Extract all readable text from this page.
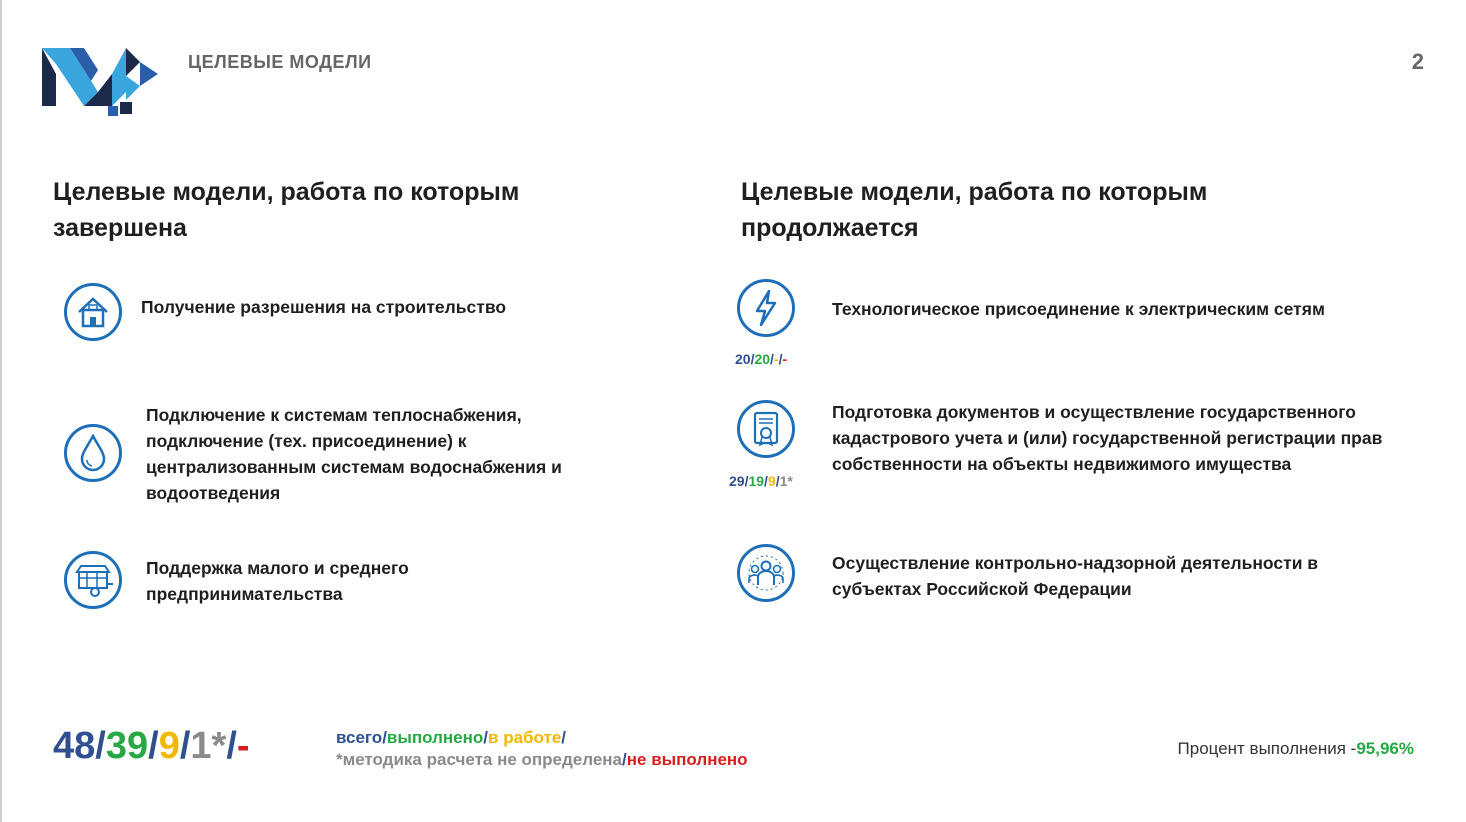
ЦЕЛЕВЫЕ МОДЕЛИ	2
Целевые модели, работа по которым завершена
Получение разрешения на строительство
Подключение к системам теплоснабжения, подключение (тех. присоединение) к централизованным системам водоснабжения и водоотведения
Поддержка малого и среднего
предпринимательства
Целевые модели, работа по которым продолжается
20/20/-/-
Технологическое присоединение к электрическим сетям
29/19/9/1*
Подготовка документов и осуществление государственного кадастрового учета и (или) государственной регистрации прав собственности на объекты недвижимого имущества
Осуществление контрольно-надзорной деятельности в субъектах Российской Федерации
48/39/9/1*/-	всего/выполнено/в работе/
*методика расчета не определена/не выполнено
Процент выполнения -95,96%
